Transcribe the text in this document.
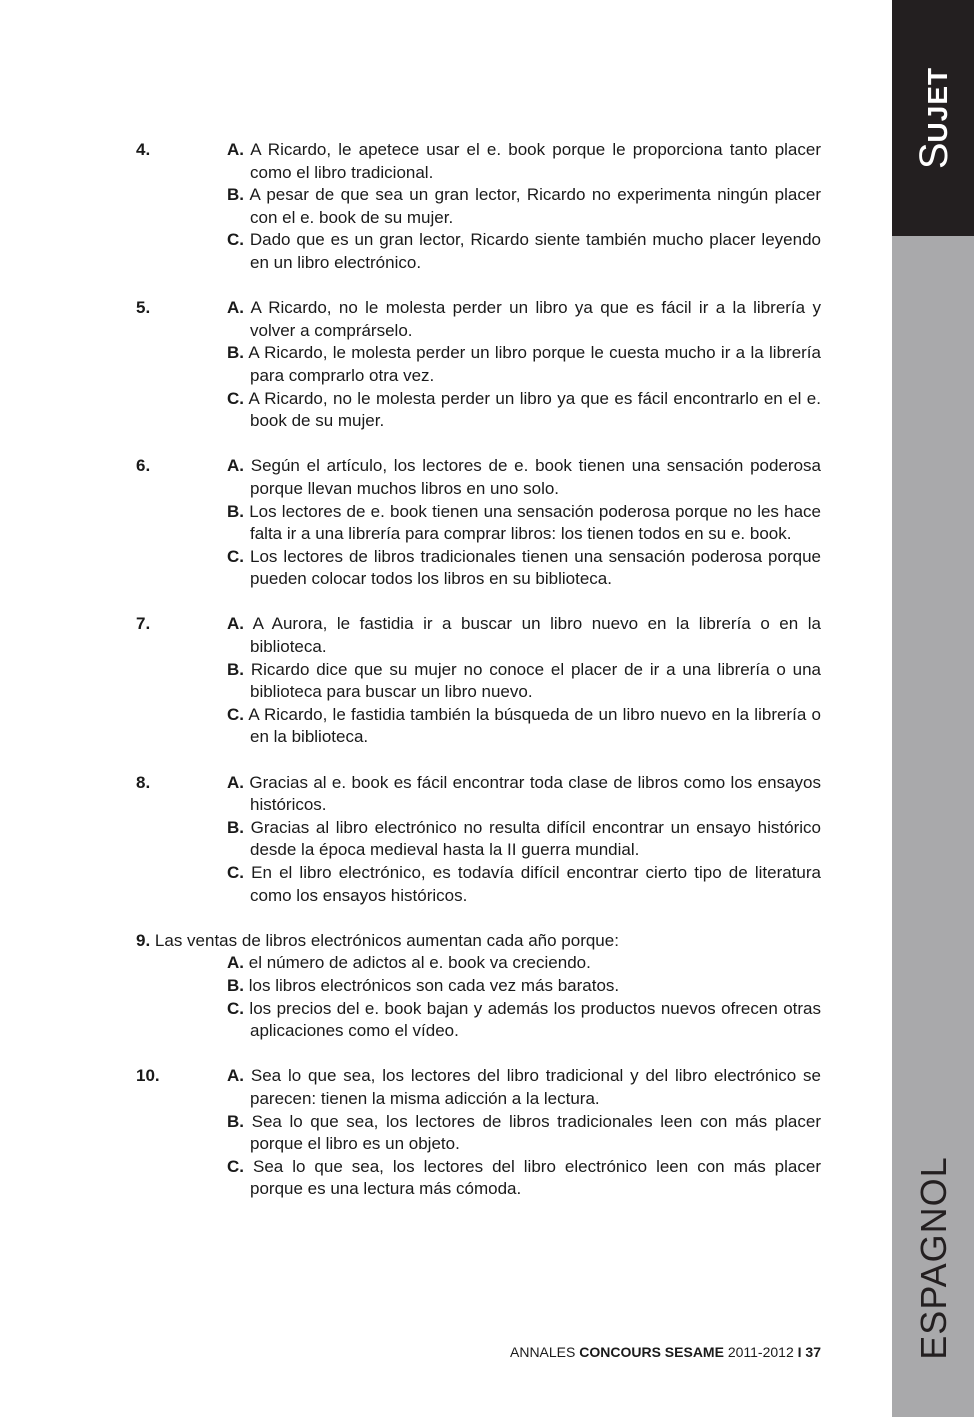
SUJET
ESPAGNOL
4.	A. A Ricardo, le apetece usar el e. book porque le proporciona tanto placer como el libro tradicional.

B. A pesar de que sea un gran lector, Ricardo no experimenta ningún placer con el e. book de su mujer.

C. Dado que es un gran lector, Ricardo siente también mucho placer leyendo en un libro electrónico.

5.	A. A Ricardo, no le molesta perder un libro ya que es fácil ir a la librería y volver a comprárselo.

B. A Ricardo, le molesta perder un libro porque le cuesta mucho ir a la librería para comprarlo otra vez.

C. A Ricardo, no le molesta perder un libro ya que es fácil encontrarlo en el e. book de su mujer.

6.	A. Según el artículo, los lectores de e. book tienen una sensación poderosa porque llevan muchos libros en uno solo.

B. Los lectores de e. book tienen una sensación poderosa porque no les hace falta ir a una librería para comprar libros: los tienen todos en su e. book.

C. Los lectores de libros tradicionales tienen una sensación poderosa porque pueden colocar todos los libros en su biblioteca.

7.	A. A Aurora, le fastidia ir a buscar un libro nuevo en la librería o en la biblioteca.

B. Ricardo dice que su mujer no conoce el placer de ir a una librería o una biblioteca para buscar un libro nuevo.

C. A Ricardo, le fastidia también la búsqueda de un libro nuevo en la librería o en la biblioteca.

8.	A. Gracias al e. book es fácil encontrar toda clase de libros como los ensayos históricos.

B. Gracias al libro electrónico no resulta difícil encontrar un ensayo histórico desde la época medieval hasta la II guerra mundial.

C. En el libro electrónico, es todavía difícil encontrar cierto tipo de literatura como los ensayos históricos.

9. Las ventas de libros electrónicos aumentan cada año porque:

A. el número de adictos al e. book va creciendo.

B. los libros electrónicos son cada vez más baratos.

C. los precios del e. book bajan y además los productos nuevos ofrecen otras aplicaciones como el vídeo.

10.	A. Sea lo que sea, los lectores del libro tradicional y del libro electrónico se parecen: tienen la misma adicción a la lectura.

B. Sea lo que sea, los lectores de libros tradicionales leen con más placer porque el libro es un objeto.

C. Sea lo que sea, los lectores del libro electrónico leen con más placer porque es una lectura más cómoda.

ANNALES CONCOURS SESAME 2011-2012 I 37
